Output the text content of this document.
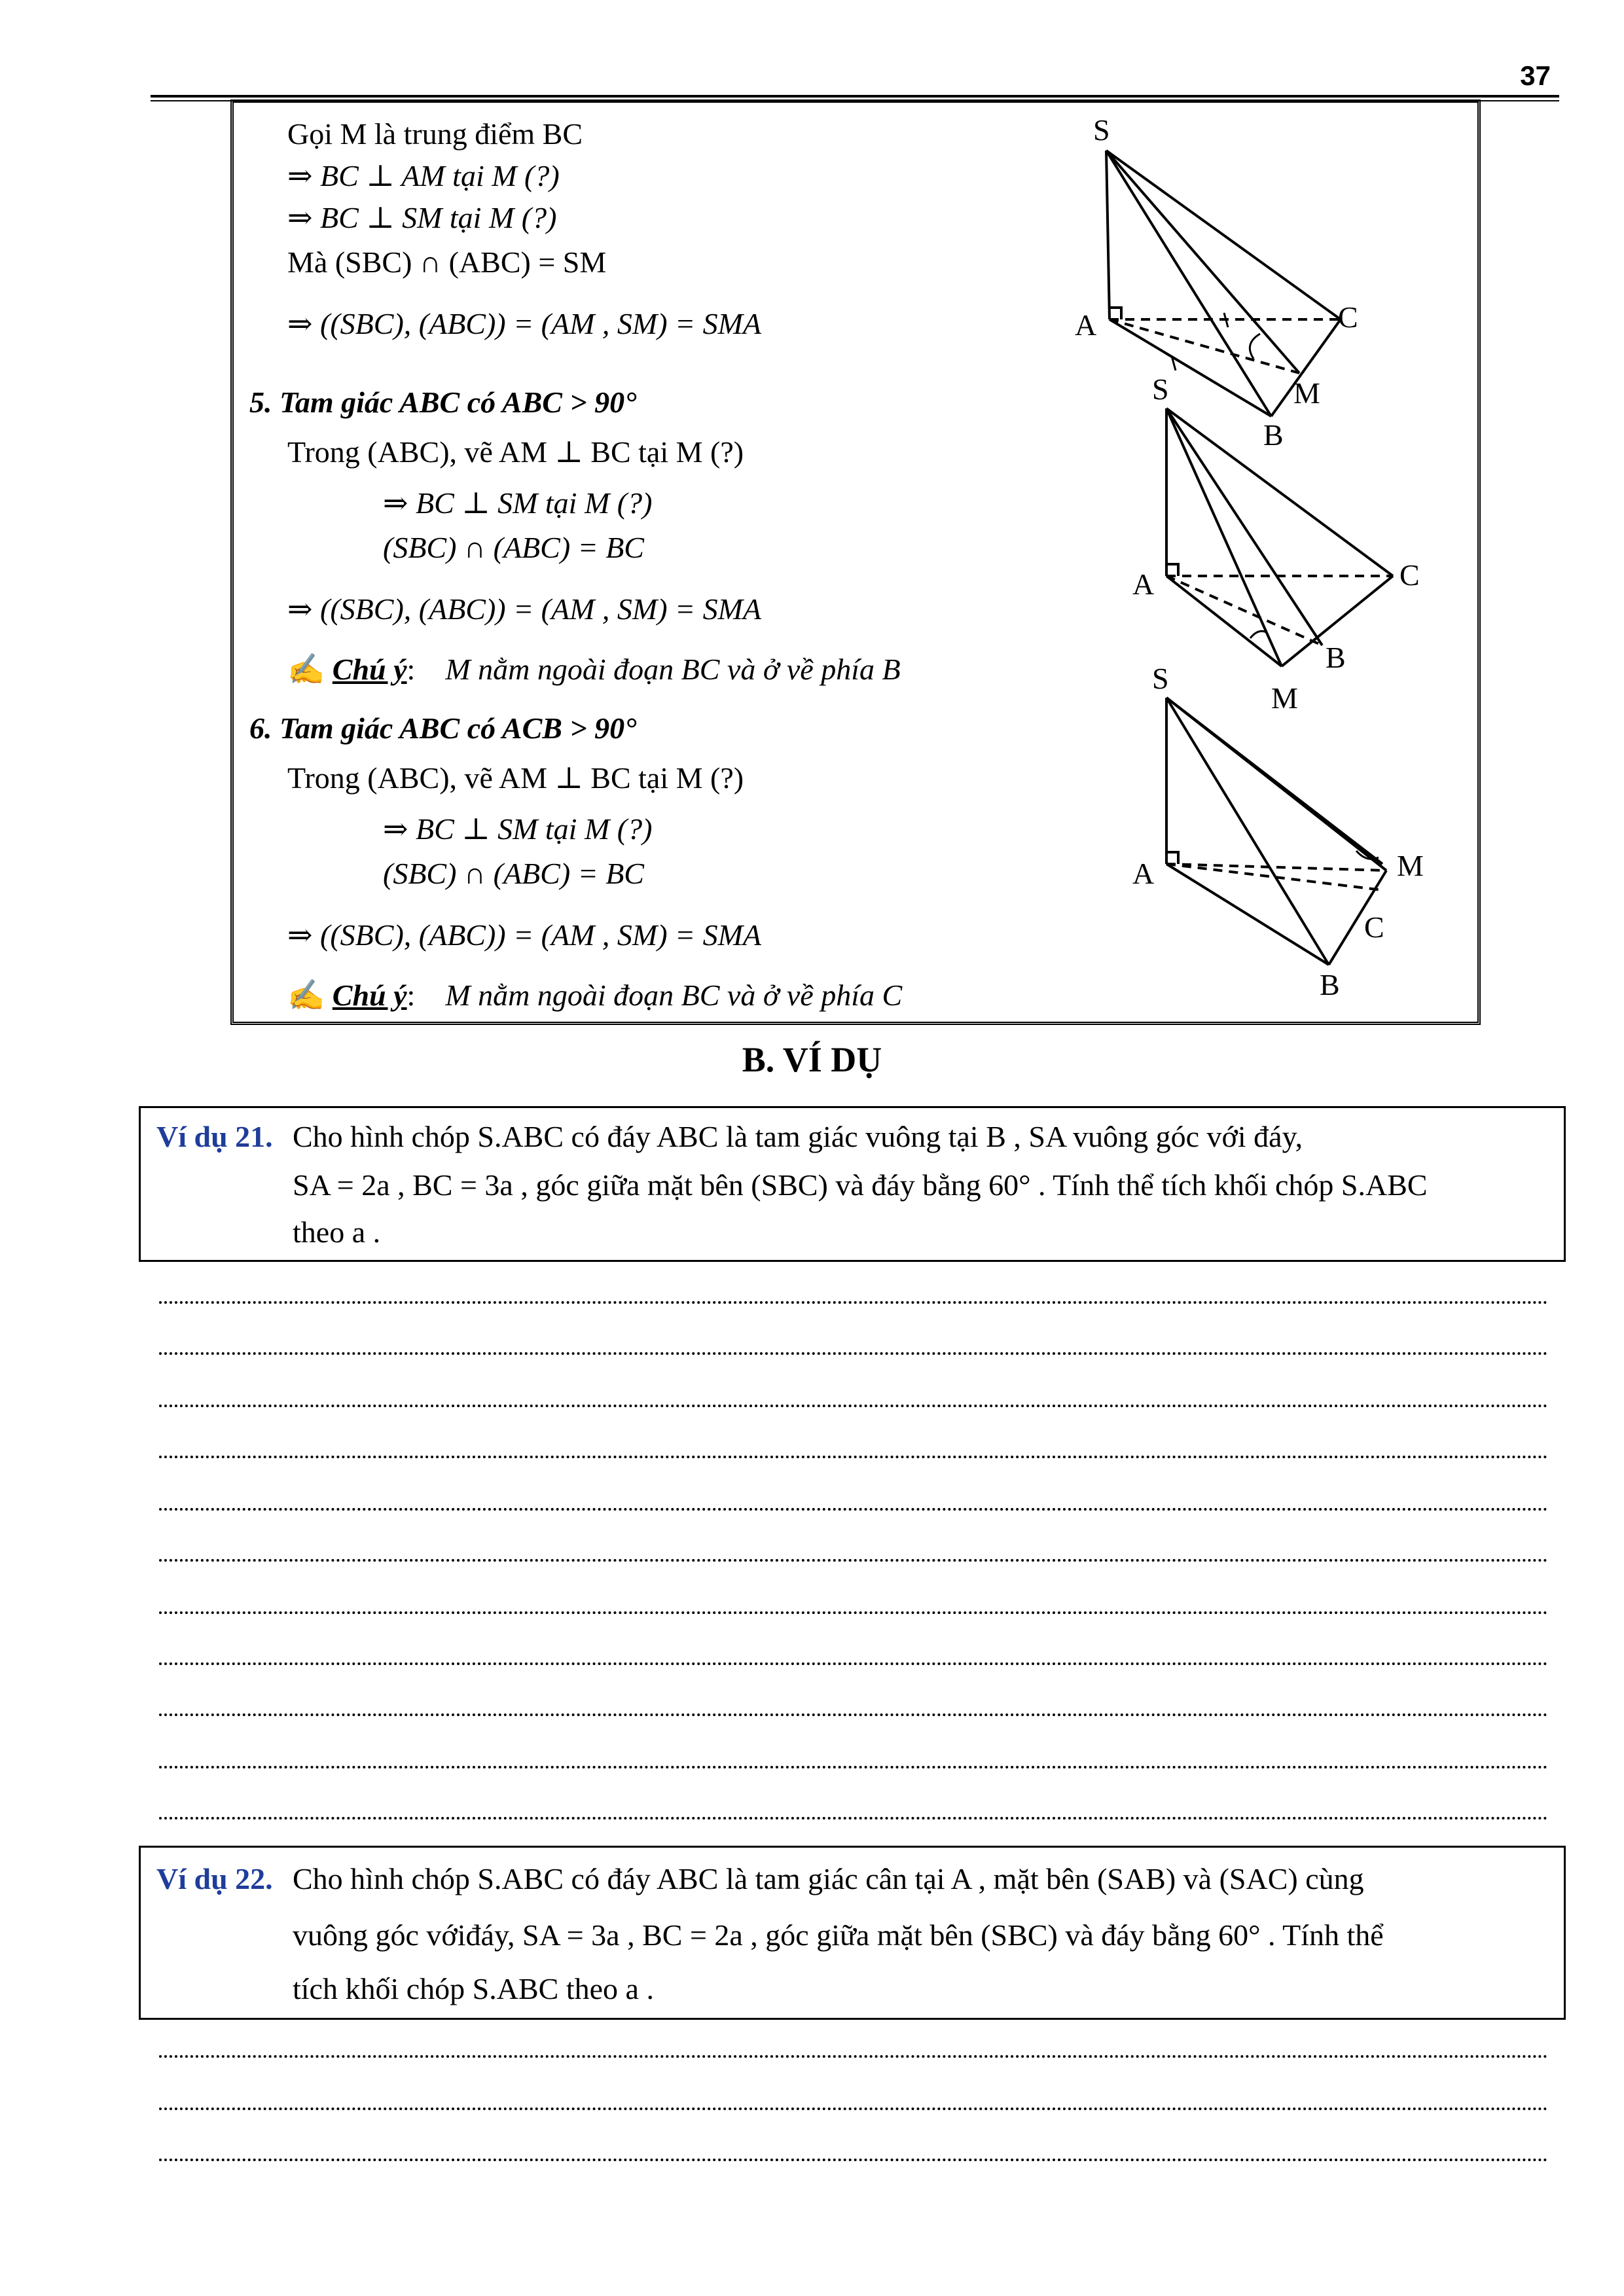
37
Gọi M là trung điểm BC
⇒ BC ⊥ AM tại M (?)
⇒ BC ⊥ SM tại M (?)
Mà (SBC) ∩ (ABC) = SM
⇒ ((SBC), (ABC)) = (AM , SM) = SMA
5. Tam giác ABC có ABC > 90°
Trong (ABC), vẽ AM ⊥ BC tại M (?)
⇒ BC ⊥ SM tại M (?)
(SBC) ∩ (ABC) = BC
⇒ ((SBC), (ABC)) = (AM , SM) = SMA
✍ Chú ý:    M nằm ngoài đoạn BC và ở về phía B
6. Tam giác ABC có ACB > 90°
Trong (ABC), vẽ AM ⊥ BC tại M (?)
⇒ BC ⊥ SM tại M (?)
(SBC) ∩ (ABC) = BC
⇒ ((SBC), (ABC)) = (AM , SM) = SMA
✍ Chú ý:    M nằm ngoài đoạn BC và ở về phía C
S
A	C
M
B
S
A	C
B
M
S
A	M
C
B
B. VÍ DỤ
Ví dụ 21. Cho hình chóp S.ABC có đáy ABC là tam giác vuông tại B , SA vuông góc với đáy,
SA = 2a , BC = 3a , góc giữa mặt bên (SBC) và đáy bằng 60° . Tính thể tích khối chóp S.ABC
theo a .
Ví dụ 22. Cho hình chóp S.ABC có đáy ABC là tam giác cân tại A , mặt bên (SAB) và (SAC) cùng
vuông góc vớiđáy, SA = 3a , BC = 2a , góc giữa mặt bên (SBC) và đáy bằng 60° . Tính thể
tích khối chóp S.ABC theo a .
